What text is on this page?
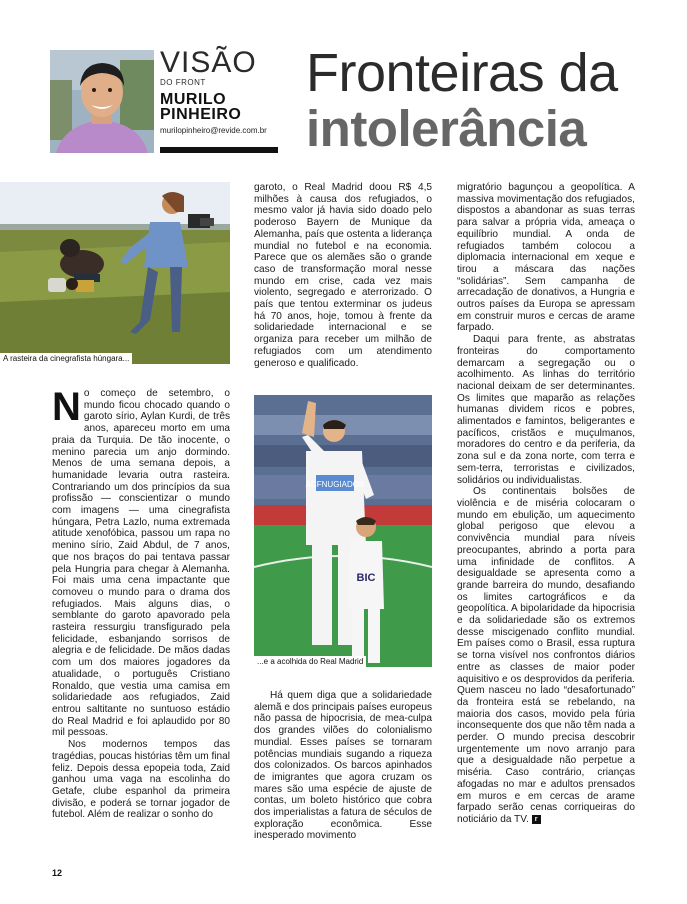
VISÃO
DO FRONT
MURILO PINHEIRO
murilopinheiro@revide.com.br
Fronteiras da
intolerância
A rasteira da cinegrafista húngara...
ACFNUGIADOS
BIC
...e a acolhida do Real Madrid

No começo de setembro, o mundo ficou chocado quando o garoto sírio, Aylan Kurdi, de três anos, apareceu morto em uma praia da Turquia. De tão inocente, o menino parecia um anjo dormindo. Menos de uma semana depois, a humanidade levaria outra rasteira. Contrariando um dos princípios da sua profissão — conscientizar o mundo com imagens — uma cinegrafista húngara, Petra Lazlo, numa extremada atitude xenofóbica, passou um rapa no menino sírio, Zaid Abdul, de 7 anos, que nos braços do pai tentava passar pela Hungria para chegar à Alemanha. Foi mais uma cena impactante que comoveu o mundo para o drama dos refugiados. Mais alguns dias, o semblante do garoto apavorado pela rasteira ressurgiu transfigurado pela felicidade, esbanjando sorrisos de alegria e de felicidade. De mãos dadas com um dos maiores jogadores da atualidade, o português Cristiano Ronaldo, que vestia uma camisa em solidariedade aos refugiados, Zaid entrou saltitante no suntuoso estádio do Real Madrid e foi aplaudido por 80 mil pessoas.

Nos modernos tempos das tragédias, poucas histórias têm um final feliz. Depois dessa epopeia toda, Zaid ganhou uma vaga na escolinha do Getafe, clube espanhol da primeira divisão, e poderá se tornar jogador de futebol. Além de realizar o sonho do

garoto, o Real Madrid doou R$ 4,5 milhões à causa dos refugiados, o mesmo valor já havia sido doado pelo poderoso Bayern de Munique da Alemanha, país que ostenta a liderança mundial no futebol e na economia. Parece que os alemães são o grande caso de transformação moral nesse mundo em crise, cada vez mais violento, segregado e aterrorizado. O país que tentou exterminar os judeus há 70 anos, hoje, tomou à frente da solidariedade internacional e se organiza para receber um milhão de refugiados com um atendimento generoso e qualificado.

Há quem diga que a solidariedade alemã e dos principais países europeus não passa de hipocrisia, de mea-culpa dos grandes vilões do colonialismo mundial. Esses países se tornaram potências mundiais sugando a riqueza dos colonizados. Os barcos apinhados de imigrantes que agora cruzam os mares são uma espécie de ajuste de contas, um boleto histórico que cobra dos imperialistas a fatura de séculos de exploração econômica. Esse inesperado movimento

migratório bagunçou a geopolítica. A massiva movimentação dos refugiados, dispostos a abandonar as suas terras para salvar a própria vida, ameaça o equilíbrio mundial. A onda de refugiados também colocou a diplomacia internacional em xeque e tirou a máscara das nações “solidárias”. Sem campanha de arrecadação de donativos, a Hungria e outros países da Europa se apressam em construir muros e cercas de arame farpado.

Daqui para frente, as abstratas fronteiras do comportamento demarcam a segregação ou o acolhimento. As linhas do território nacional deixam de ser determinantes. Os limites que maparão as relações humanas dividem ricos e pobres, alimentados e famintos, beligerantes e pacíficos, cristãos e muçulmanos, moradores do centro e da periferia, da zona sul e da zona norte, com terra e sem-terra, terroristas e civilizados, solidários ou individualistas.

Os continentais bolsões de violência e de miséria colocaram o mundo em ebulição, um aquecimento global perigoso que elevou a convivência mundial para níveis preocupantes, abrindo a porta para uma infinidade de conflitos. A desigualdade se apresenta como a grande barreira do mundo, desafiando os limites cartográficos e da geopolítica. A bipolaridade da hipocrisia e da solidariedade são os extremos desse miscigenado conflito mundial. Em países como o Brasil, essa ruptura se torna visível nos confrontos diários entre as classes de maior poder aquisitivo e os desprovidos da periferia. Quem nasceu no lado “desafortunado” da fronteira está se rebelando, na maioria dos casos, movido pela fúria inconsequente dos que não têm nada a perder. O mundo precisa descobrir urgentemente um novo arranjo para que a desigualdade não perpetue a miséria. Caso contrário, crianças afogadas no mar e adultos prensados em muros e em cercas de arame farpado serão cenas corriqueiras do noticiário da TV. r

12
